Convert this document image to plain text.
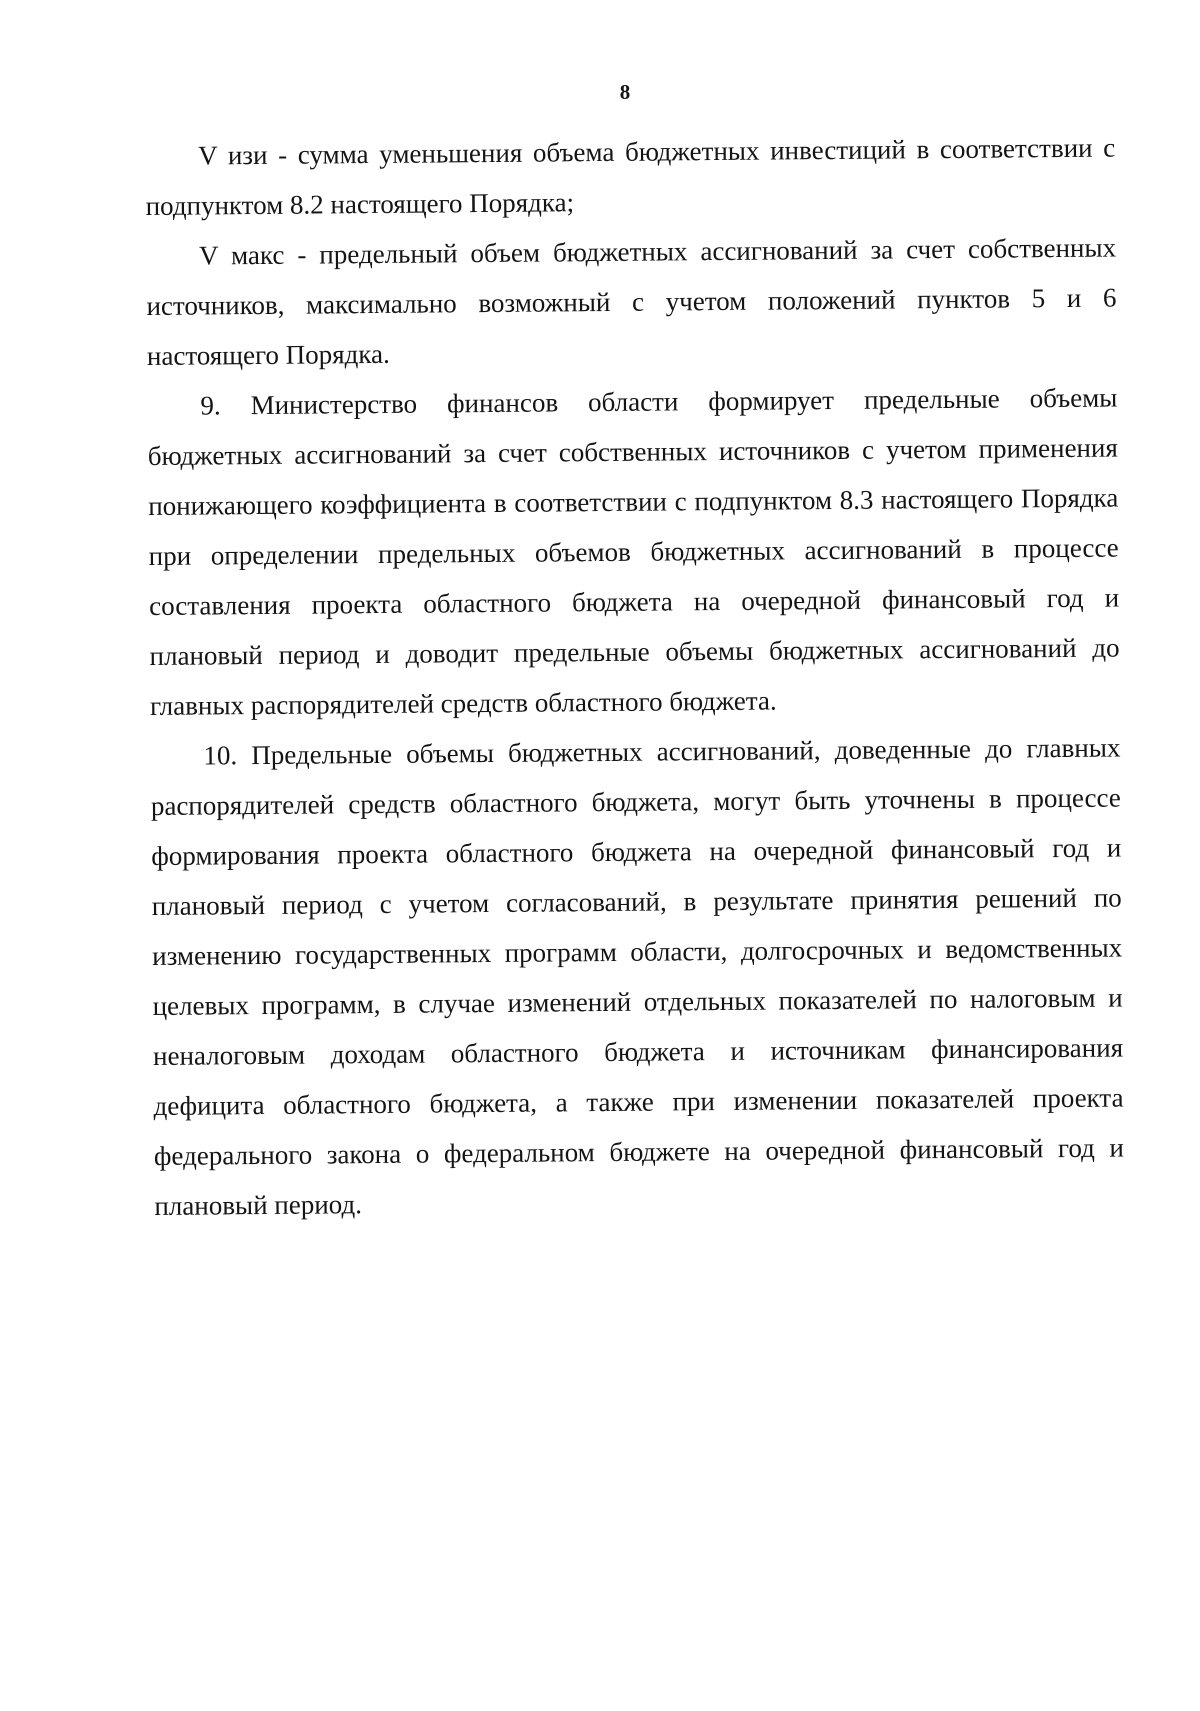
8

V изи - сумма уменьшения объема бюджетных инвестиций в соответствии с подпунктом 8.2 настоящего Порядка;

V макс - предельный объем бюджетных ассигнований за счет собственных источников, максимально возможный с учетом положений пунктов 5 и 6 настоящего Порядка.

9. Министерство финансов области формирует предельные объемы бюджетных ассигнований за счет собственных источников с учетом применения понижающего коэффициента в соответствии с подпунктом 8.3 настоящего Порядка при определении предельных объемов бюджетных ассигнований в процессе составления проекта областного бюджета на очередной финансовый год и плановый период и доводит предельные объемы бюджетных ассигнований до главных распорядителей средств областного бюджета.

10. Предельные объемы бюджетных ассигнований, доведенные до главных распорядителей средств областного бюджета, могут быть уточнены в процессе формирования проекта областного бюджета на очередной финансовый год и плановый период с учетом согласований, в результате принятия решений по изменению государственных программ области, долгосрочных и ведомственных целевых программ, в случае изменений отдельных показателей по налоговым и неналоговым доходам областного бюджета и источникам финансирования дефицита областного бюджета, а также при изменении показателей проекта федерального закона о федеральном бюджете на очередной финансовый год и плановый период.
